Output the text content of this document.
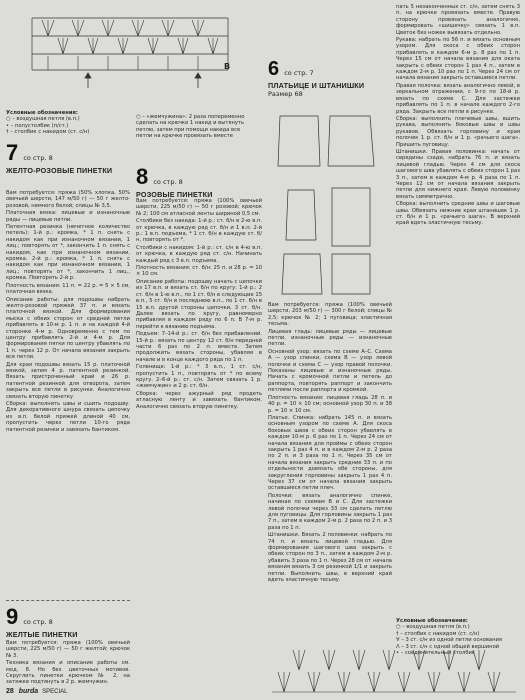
B
Условные обозначения:
○ – воздушная петля (в.п.)
• – полустолбик (п/ст.)
† – столбик с накидом (ст. с/н)
○ – «жемчужина»: 2 раза попеременно сделать на крючке 1 накид и вытянуть петлю, затем при помощи накида все петли на крючке провязать вместе
6 со стр. 7
ПЛАТЬИЦЕ И ШТАНИШКИ
Размер 68

пать 5 незаконченных ст. с/н, затем снять 3 п. на крючке провязать вместе. Правую сторону провязать аналогично, формировать «шишечку» связать 1 в.п. Цветок без ножек вывязать отдельно.

Рукава: набрать по 56 п. и вязать основным узором. Для скоса с обеих сторон прибавлять в каждом 6-м р. 8 раз по 1 п. Через 15 см от начала вязания для оката закрыть с обеих сторон 1 раз 4 п., затем в каждом 2-м р. 10 раз по 1 п. Через 24 см от начала вязания закрыть оставшиеся петли.

Правая полочка: вязать аналогично левой, в зеркальном отражении, с 9-го по 18-й р. вязать по схеме С. Для застежки прибавлять по 1 п. в начале каждого 2-го ряда. Закрыть все петли в рисунке.

Сборка: выполнить плечевые швы, вшить рукава, выполнить боковые швы и швы рукавов. Обвязать горловину и края полочек 1 р. ст. б/н и 1 р. «рачьего шага». Пришить пуговицу.

Штанишки. Правая половинка: начать от середины сзади, набрать 76 п. и вязать лицевой гладью. Через 4 см для скоса шагового шва убавлять с обеих сторон 1 раз 3 п., затем в каждом 4-м р. 4 раза по 1 п. Через 12 см от начала вязания закрыть петли для нижнего края. Левую половинку вязать симметрично.

Сборка: выполнить средние швы и шаговые швы. Обвязать нижние края штанишек 1 р. ст. б/н и 1 р. «рачьего шага». В верхний край вдеть эластичную тесьму.

7 со стр. 8
ЖЕЛТО-РОЗОВЫЕ ПИНЕТКИ

Вам потребуется: пряжа (50% хлопка, 50% овечьей шерсти, 147 м/50 г) — 50 г желто-розовой, немного белой; спицы № 3,5.

Платочная вязка: лицевые и изнаночные ряды — лицевые петли.

Патентная резинка (нечетное количество петель): 1-й р.: кромка, * 1 п. снять с накидом как при изнаночном вязании, 1 лиц.; повторять от *, закончить 1 п. снять с накидом, как при изнаночном вязании, кромка. 2-й р.: кромка, * 1 п. снять с накидом как при изнаночном вязании, 1 лиц.; повторять от *, закончить 1 лиц., кромка. Повторять 2-й р.

Плотность вязания: 11 п. = 22 р. = 5 × 5 см, платочная вязка.

Описание работы: для подошвы набрать желто-розовой пряжей 37 п. и вязать платочной вязкой. Для формирования мыска с обеих сторон от средней петли прибавлять в 10-м р. 1 п. и на каждой 4-й сторонке 4-м р. Одновременно с тем по центру прибавлять 2-й и 4-м р. Для формирования пятки по центру убавлять по 1 п. через 12 р. От начала вязания закрыть все петли.

Для края подошвы вязать 15 р. платочной вязкой, затем 4 р. патентной резинкой. Вязать пристроченный край и 26 р. патентной резинкой для отворота, затем закрыть все петли в рисунке. Аналогично связать вторую пинетку.

Сборка: выполнить швы и сшить подошву. Для декоративного шнура связать цепочку из в.п. белой пряжей длиной 40 см, пропустить через петли 10-го ряда патентной резинки и завязать бантиком.

8 со стр. 8
РОЗОВЫЕ ПИНЕТКИ

Вам потребуется: пряжа (100% овечьей шерсти, 225 м/50 г) — 50 г розовой; крючок № 2; 100 см атласной ленты шириной 0,5 см.

Столбики без накида: 1-й р.: ст. б/н в 2-ю в.п. от крючка, в каждую ряд ст. б/н и 1 в.п. 2-й р.: 1 в.п. подъема, * 1 ст. б/н в каждую ст. б/н, повторять от *.

Столбики с накидом: 1-й р.: ст. с/н в 4-ю в.п. от крючка, в каждую ряд ст. с/н. Начинать каждый ряд с 3 в.п. подъема.

Плотность вязания: ст. б/н: 25 п. и 28 р. = 10 × 10 см.

Описание работы: подошву начать с цепочки из 17 в.п. и вязать ст. б/н по кругу: 1-й р.: 2 ст. б/н в 1-ю в.п., по 1 ст. б/н в следующие 15 в.п., 5 ст. б/н в последнюю в.п., по 1 ст. б/н в 15 в.п. другой стороны цепочки, 3 ст. б/н. Далее вязать по кругу, равномерно прибавляя в каждом ряду по 6 п. В 7-м р. перейти к вязанию подъема.

Подъем: 7–14-й р.: ст. б/н без прибавлений. 15-й р.: вязать по центру 12 ст. б/н передней части 6 раз по 2 п. вместе. Затем продолжить вязать стороны, убавляя в начале и в конце каждого ряда по 1 п.

Голенище: 1-й р.: * 3 в.п., 1 ст. с/н, пропустить 1 п., повторять от * по всему кругу. 2–6-й р.: ст. с/н. Затем связать 1 р. «жемчужин» и 2 р. ст. б/н.

Сборка: через ажурный ряд продеть атласную ленту и завязать бантиком. Аналогично связать вторую пинетку.

Вам потребуется: пряжа (100% овечьей шерсти, 203 м/50 г) — 300 г белой; спицы № 2,5; крючок № 2; 1 пуговица; эластичная тесьма.

Лицевая гладь: лицевые ряды — лицевые петли, изнаночные ряды — изнаночные петли.

Основной узор: вязать по схеме А–С. Схема А — узор спинки, схема В — узор левой полочки и схема С — узор правой полочки. Показаны лицевые и изнаночные ряды. Начать с кромочной петли и петель до раппорта, повторять раппорт и закончить петлями после раппорта и кромкой.

Плотность вязания: лицевая гладь 28 п. и 40 р. = 10 × 10 см; основной узор 30 п. и 38 р. = 10 × 10 см.

Платье. Спинка: набрать 145 п. и вязать основным узором по схеме А. Для скоса боковых швов с обеих сторон убавлять в каждом 10-м р. 6 раз по 1 п. Через 24 см от начала вязания для проймы с обеих сторон закрыть 1 раз 4 п. и в каждом 2-м р. 2 раза по 2 п. и 3 раза по 1 п. Через 35 см от начала вязания закрыть средние 33 п. и по отдельности довязать обе стороны, для закругления горловины закрыть 1 раз 4 п. Через 37 см от начала вязания закрыть оставшиеся петли плеч.

Полочки: вязать аналогично спинке, начиная по схемам В и С. Для застежки левой полочки через 33 см сделать петлю для пуговицы. Для горловины закрыть 1 раз 7 п., затем в каждом 2-м р. 2 раза по 2 п. и 3 раза по 1 п.

Штанишки. Вязать 2 половинки: набрать по 74 п. и вязать лицевой гладью. Для формирования шагового шва закрыть с обеих сторон по 3 п., затем в каждом 2-м р. убавить 3 раза по 1 п. Через 28 см от начала вязания вязать 3 см резинкой 1/1 и закрыть петли. Выполнить швы, в верхний край вдеть эластичную тесьму.

9 со стр. 8
ЖЕЛТЫЕ ПИНЕТКИ

Вам потребуется: пряжа (100% овечьей шерсти, 225 м/50 г) — 50 г желтой; крючок № 3.

Техника вязания и описание работы см. мод. 8. Но без цветочных мотивов. Скруглить пинетки крючком № 2, на затяжке подтянуть в 2 р. жемчужин.

Условные обозначения:
○ – воздушная петля (в.п.)
† – столбик с накидом (ст. с/н)
∀ – 3 ст. с/н из одной петли основания
Λ – 3 ст. с/н с одной общей вершиной
• – соединительный столбик
28 burda SPECIAL
